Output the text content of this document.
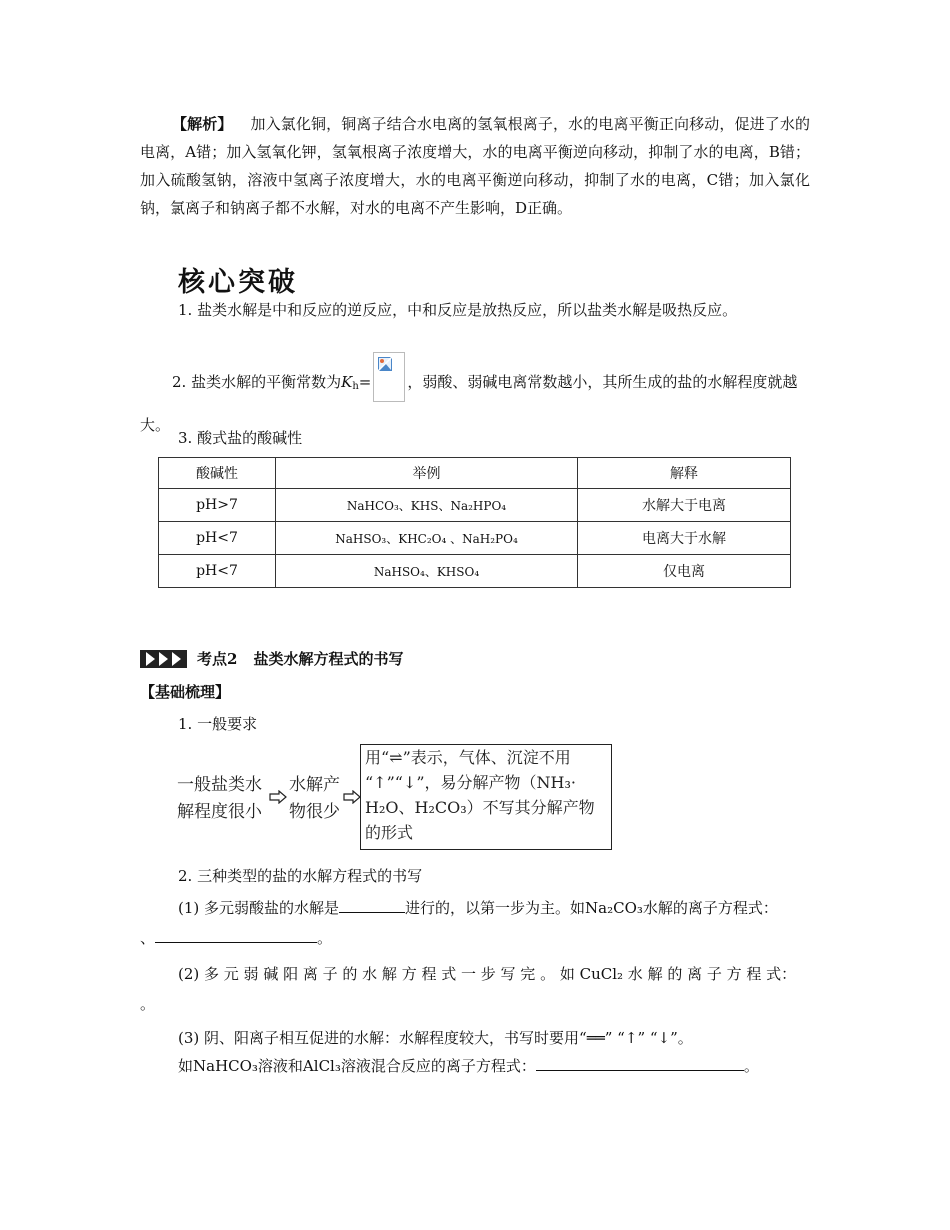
【解析】 加入氯化铜，铜离子结合水电离的氢氧根离子，水的电离平衡正向移动，促进了水的电离，A错；加入氢氧化钾，氢氧根离子浓度增大，水的电离平衡逆向移动，抑制了水的电离，B错；加入硫酸氢钠，溶液中氢离子浓度增大，水的电离平衡逆向移动，抑制了水的电离，C错；加入氯化钠，氯离子和钠离子都不水解，对水的电离不产生影响，D正确。
核心突破
1. 盐类水解是中和反应的逆反应，中和反应是放热反应，所以盐类水解是吸热反应。
2. 盐类水解的平衡常数为$K_h=$ ，弱酸、弱碱电离常数越小，其所生成的盐的水解程度就越大。
3. 酸式盐的酸碱性
酸碱性	举例	解释
pH>7	NaHCO₃、KHS、Na₂HPO₄	水解大于电离
pH<7	NaHSO₃、KHC₂O₄ 、NaH₂PO₄	电离大于水解
pH<7	NaHSO₄、KHSO₄	仅电离
考点2 盐类水解方程式的书写
【基础梳理】
1. 一般要求
一般盐类水
解程度很小
水解产
物很少
用“⇌”表示，气体、沉淀不用
“↑”“↓”，易分解产物（NH₃·
H₂O、H₂CO₃）不写其分解产物
的形式
2. 三种类型的盐的水解方程式的书写
(1) 多元弱酸盐的水解是	进行的，以第一步为主。如Na₂CO₃水解的离子方程式：
、	。
(2) 多 元 弱 碱 阳 离 子 的 水 解 方 程 式 一 步 写 完 。 如 CuCl₂ 水 解 的 离 子 方 程 式：
。
(3) 阴、阳离子相互促进的水解：水解程度较大，书写时要用“══” “↑” “↓”。
如NaHCO₃溶液和AlCl₃溶液混合反应的离子方程式：	。
